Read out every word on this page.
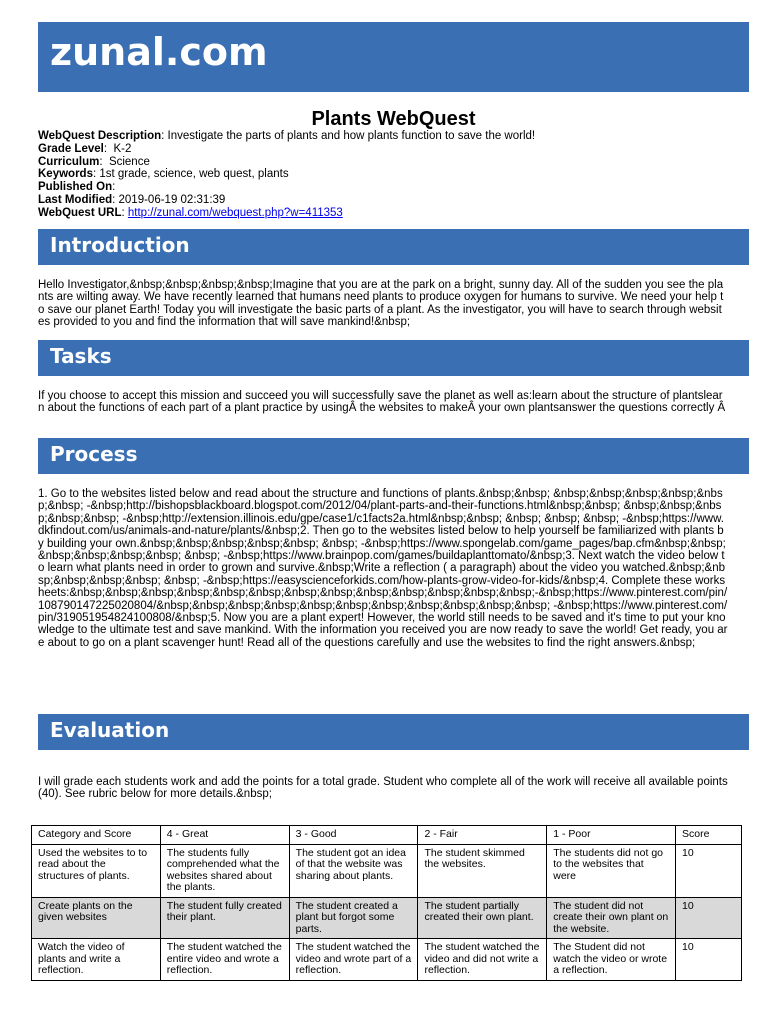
zunal.com
Plants WebQuest
WebQuest Description: Investigate the parts of plants and how plants function to save the world!
Grade Level:  K-2
Curriculum:  Science
Keywords: 1st grade, science, web quest, plants
Published On:
Last Modified: 2019-06-19 02:31:39
WebQuest URL: http://zunal.com/webquest.php?w=411353
Introduction
Hello Investigator,&nbsp;&nbsp;&nbsp;&nbsp;Imagine that you are at the park on a bright, sunny day. All of the sudden you see the plants are wilting away. We have recently learned that humans need plants to produce oxygen for humans to survive. We need your help to save our planet Earth! Today you will investigate the basic parts of a plant. As the investigator, you will have to search through websites provided to you and find the information that will save mankind!&nbsp;
Tasks
If you choose to accept this mission and succeed you will successfully save the planet as well as:learn about the structure of plantslearn about the functions of each part of a plant practice by usingÂ the websites to makeÂ your own plantsanswer the questions correctly Â
Process
1. Go to the websites listed below and read about the structure and functions of plants.&nbsp;&nbsp; &nbsp;&nbsp;&nbsp;&nbsp;&nbsp;&nbsp; -&nbsp;http://bishopsblackboard.blogspot.com/2012/04/plant-parts-and-their-functions.html&nbsp;&nbsp; &nbsp;&nbsp;&nbsp;&nbsp;&nbsp; -&nbsp;http://extension.illinois.edu/gpe/case1/c1facts2a.html&nbsp;&nbsp; &nbsp; &nbsp; &nbsp; -&nbsp;https://www.dkfindout.com/us/animals-and-nature/plants/&nbsp;2. Then go to the websites listed below to help yourself be familiarized with plants by building your own.&nbsp;&nbsp;&nbsp;&nbsp;&nbsp; &nbsp; -&nbsp;https://www.spongelab.com/game_pages/bap.cfm&nbsp;&nbsp;&nbsp;&nbsp;&nbsp;&nbsp; &nbsp; -&nbsp;https://www.brainpop.com/games/buildaplanttomato/&nbsp;3. Next watch the video below to learn what plants need in order to grown and survive.&nbsp;Write a reflection ( a paragraph) about the video you watched.&nbsp;&nbsp;&nbsp;&nbsp;&nbsp; &nbsp; -&nbsp;https://easyscienceforkids.com/how-plants-grow-video-for-kids/&nbsp;4. Complete these worksheets:&nbsp;&nbsp;&nbsp;&nbsp;&nbsp;&nbsp;&nbsp;&nbsp;&nbsp;&nbsp;&nbsp;&nbsp;&nbsp;-&nbsp;https://www.pinterest.com/pin/108790147225020804/&nbsp;&nbsp;&nbsp;&nbsp;&nbsp;&nbsp;&nbsp;&nbsp;&nbsp;&nbsp;&nbsp; -&nbsp;https://www.pinterest.com/pin/319051954824100808/&nbsp;5. Now you are a plant expert! However, the world still needs to be saved and it's time to put your knowledge to the ultimate test and save mankind. With the information you received you are now ready to save the world! Get ready, you are about to go on a plant scavenger hunt! Read all of the questions carefully and use the websites to find the right answers.&nbsp;
Evaluation
I will grade each students work and add the points for a total grade. Student who complete all of the work will receive all available points (40). See rubric below for more details.&nbsp;
Category and Score	4 - Great	3 - Good	2 - Fair	1 - Poor	Score
Used the websites to to read about the structures of plants.	The students fully comprehended what the websites shared about the plants.	The student got an idea of that the website was sharing about plants.	The student skimmed the websites.	The students did not go to the websites that were	10
Create plants on the given websites	The student fully created their plant.	The student created a plant but forgot some parts.	The student partially created their own plant.	The student did not create their own plant on the website.	10
Watch the video of plants and write a reflection.	The student watched the entire video and wrote a reflection.	The student watched the video and wrote part of a reflection.	The student watched the video and did not write a reflection.	The Student did not watch the video or wrote a reflection.	10
